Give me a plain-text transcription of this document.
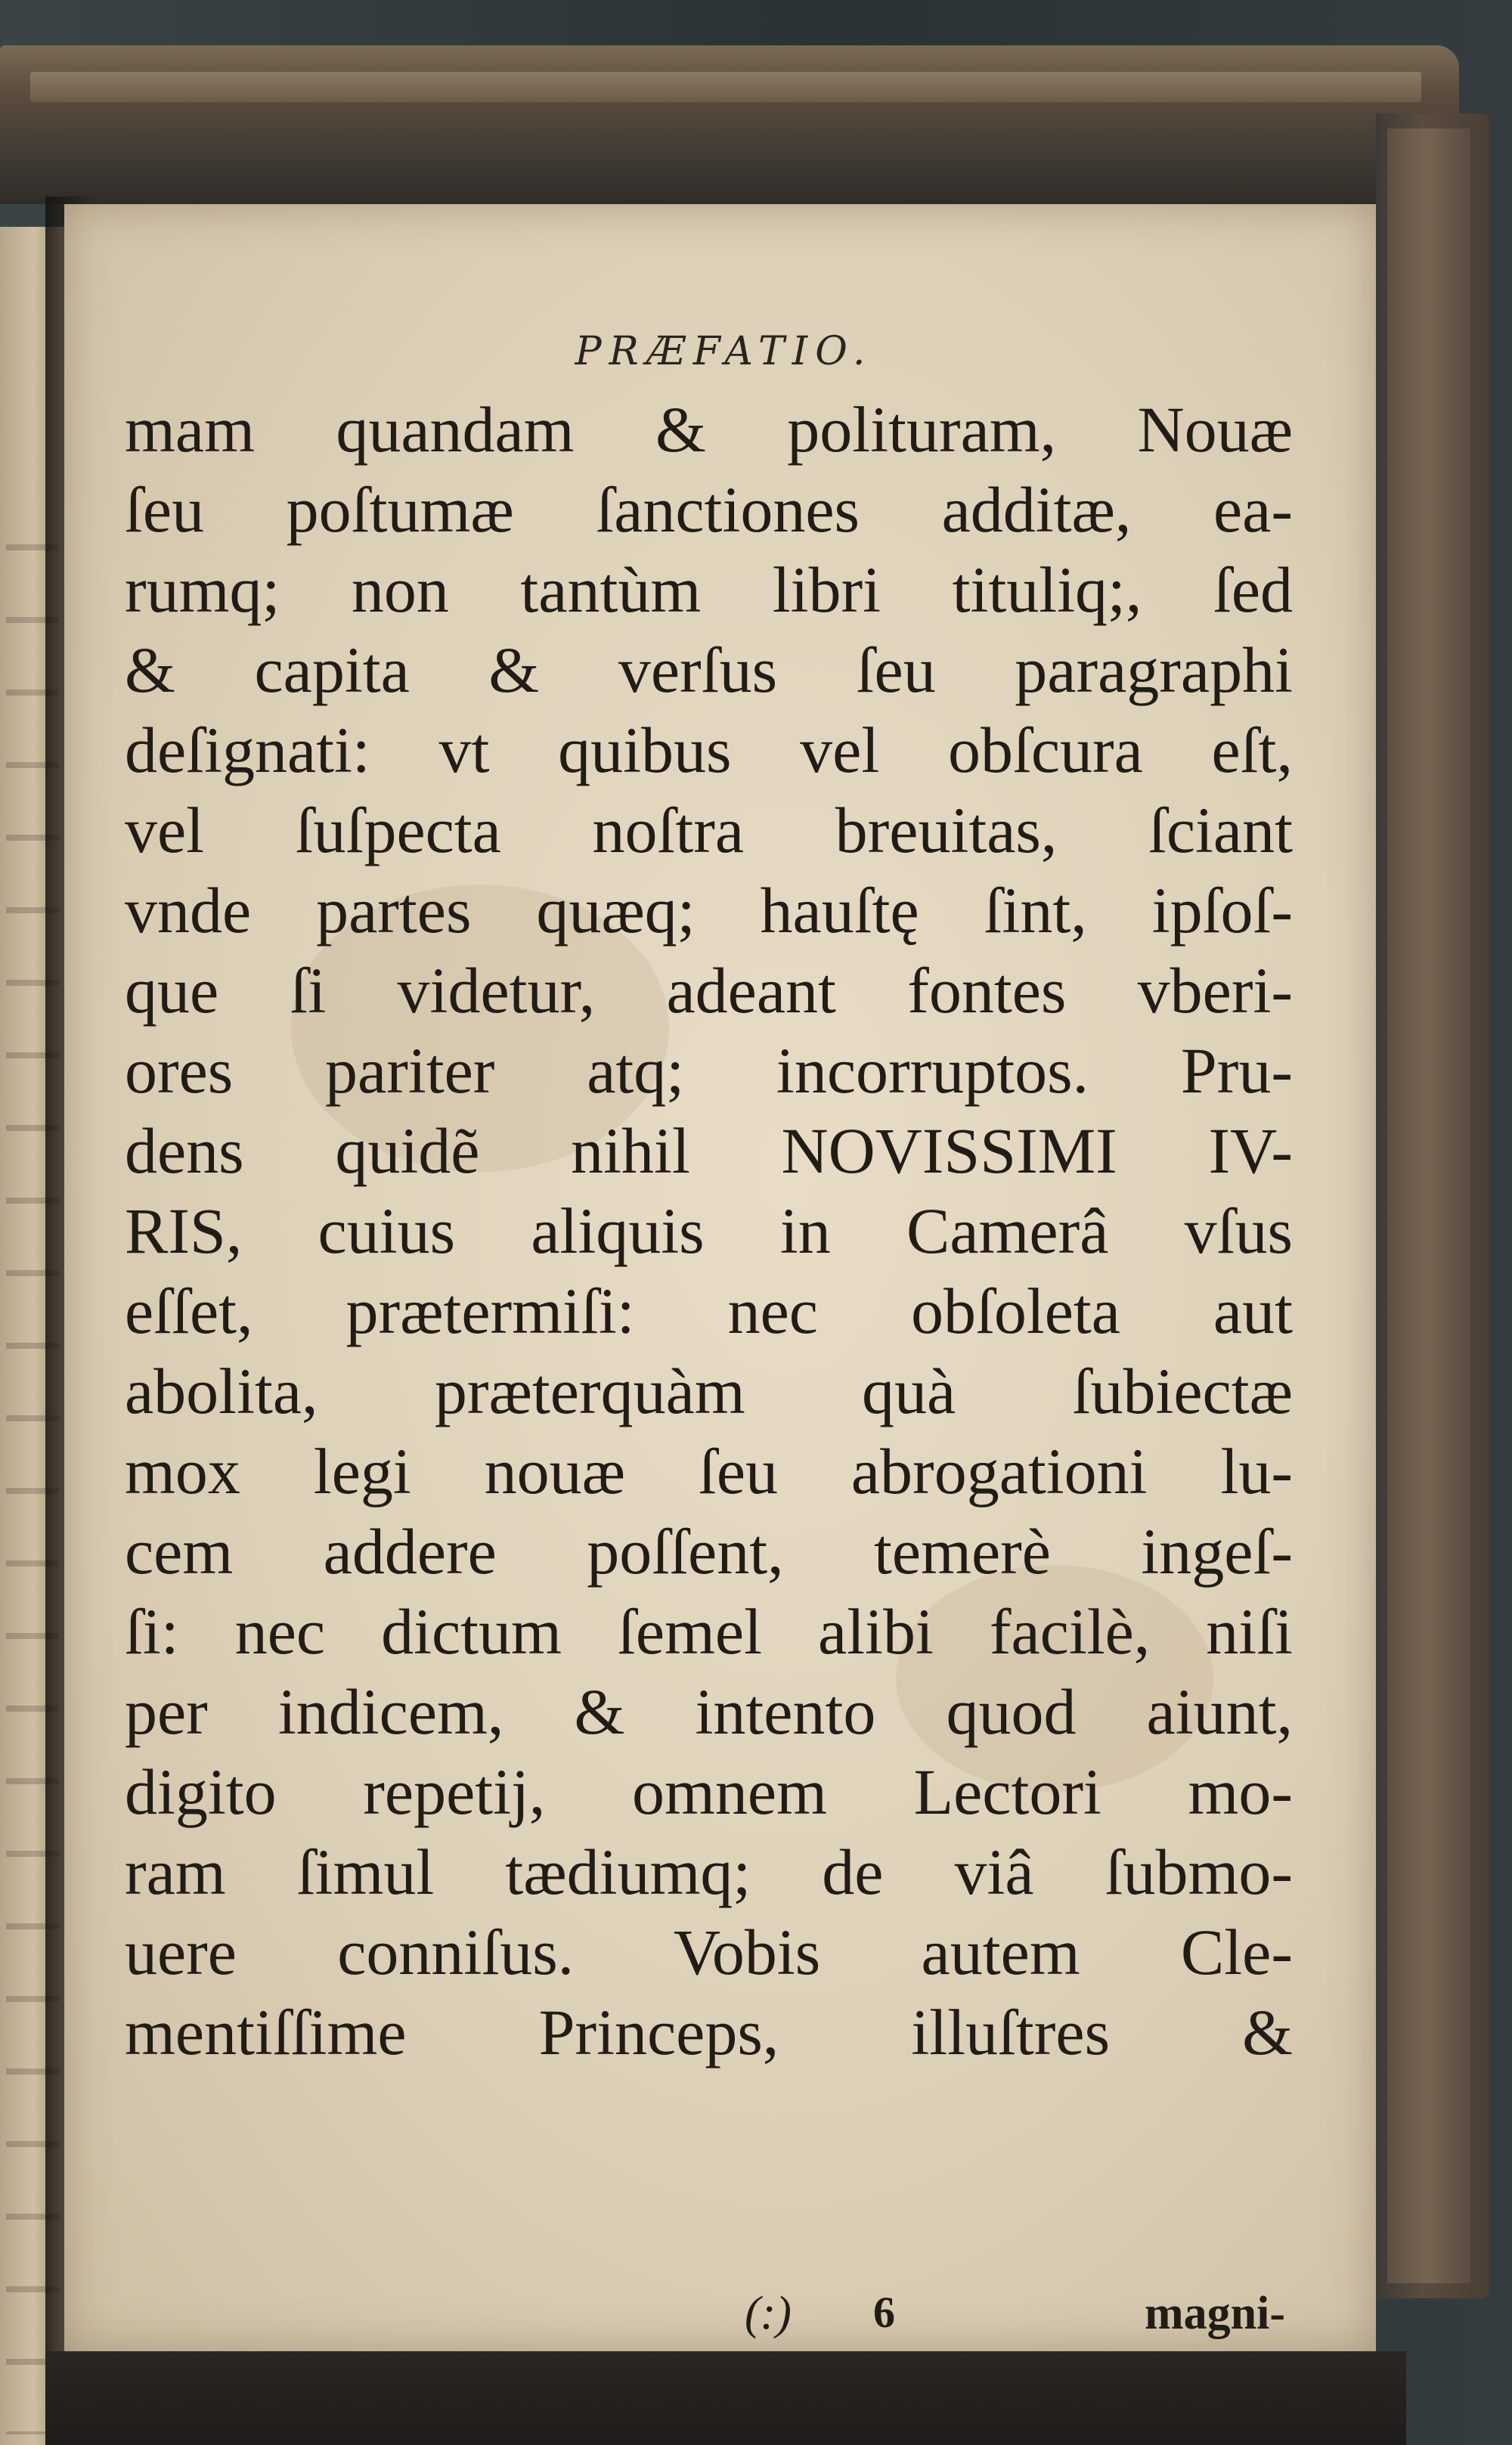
PRÆFATIO.
mam quandam & polituram, Nouæ
ſeu poſtumæ ſanctiones additæ, ea-
rumq; non tantùm libri tituliq;, ſed
& capita & verſus ſeu paragraphi
deſignati: vt quibus vel obſcura eſt,
vel ſuſpecta noſtra breuitas, ſciant
vnde partes quæq; hauſtę ſint, ipſoſ-
que ſi videtur, adeant fontes vberi-
ores pariter atq; incorruptos. Pru-
dens quidẽ nihil NOVISSIMI IV-
RIS, cuius aliquis in Camerâ vſus
eſſet, prætermiſi: nec obſoleta aut
abolita, præterquàm quà ſubiectæ
mox legi nouæ ſeu abrogationi lu-
cem addere poſſent, temerè ingeſ-
ſi: nec dictum ſemel alibi facilè, niſi
per indicem, & intento quod aiunt,
digito repetij, omnem Lectori mo-
ram ſimul tædiumq; de viâ ſubmo-
uere conniſus. Vobis autem Cle-
mentiſſime Princeps, illuſtres &
(:) 6	magni-
